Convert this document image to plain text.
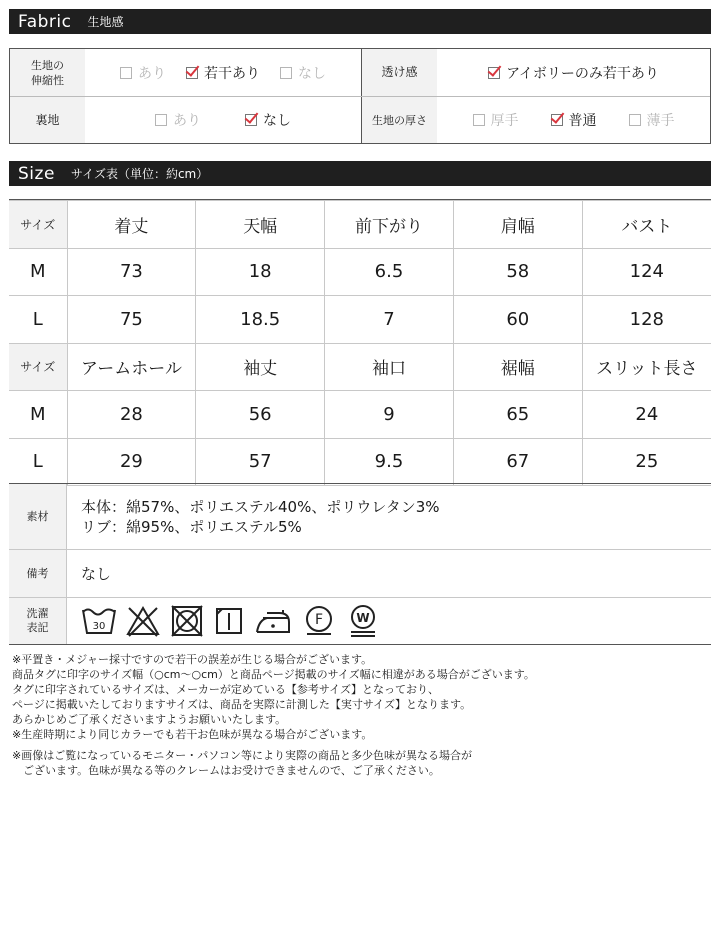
Fabric 生地感
生地の
伸縮性	あり	若干あり	なし	透け感	アイボリーのみ若干あり
裏地	あり	なし	生地の厚さ	厚手	普通	薄手
Size サイズ表（単位：約cm）
サイズ	着丈	天幅	前下がり	肩幅	バスト
M	73	18	6.5	58	124
L	75	18.5	7	60	128
サイズ	アームホール	袖丈	袖口	裾幅	スリット長さ
M	28	56	9	65	24
L	29	57	9.5	67	25
素材
本体：綿57%、ポリエステル40%、ポリウレタン3%
リブ：綿95%、ポリエステル5%
備考	なし
洗濯
表記	30	F	W
※平置き・メジャー採寸ですので若干の誤差が生じる場合がございます。
商品タグに印字のサイズ幅（○cm～○cm）と商品ページ掲載のサイズ幅に相違がある場合がございます。
タグに印字されているサイズは、メーカーが定めている【参考サイズ】となっており、
ページに掲載いたしておりますサイズは、商品を実際に計測した【実寸サイズ】となります。
あらかじめご了承くださいますようお願いいたします。
※生産時期により同じカラーでも若干お色味が異なる場合がございます。
※画像はご覧になっているモニター・パソコン等により実際の商品と多少色味が異なる場合が
　ございます。色味が異なる等のクレームはお受けできませんので、ご了承ください。
